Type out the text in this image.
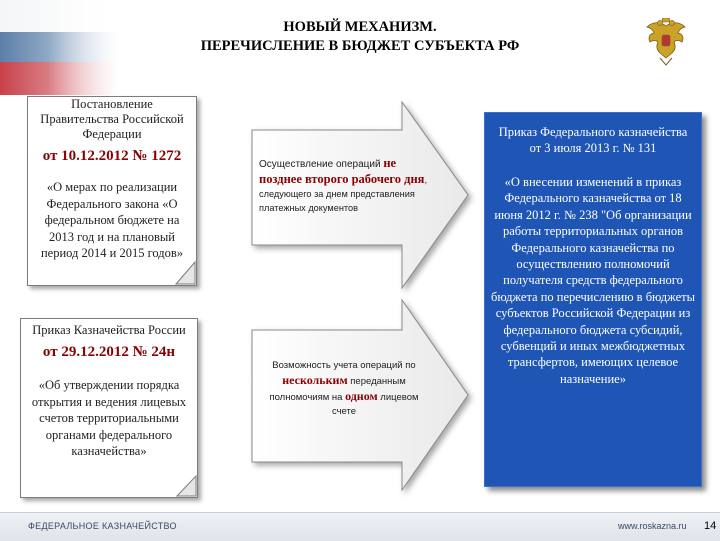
НОВЫЙ МЕХАНИЗМ.
ПЕРЕЧИСЛЕНИЕ В БЮДЖЕТ СУБЪЕКТА РФ
Постановление Правительства Российской Федерации
от 10.12.2012 № 1272
«О мерах по реализации Федерального закона «О федеральном бюджете на 2013 год и на плановый период 2014 и 2015 годов»
Приказ Казначейства России
от 29.12.2012 № 24н
«Об утверждении порядка открытия и ведения лицевых счетов территориальными органами федерального казначейства»
Осуществление операций не позднее второго рабочего дня, следующего за днем представления платежных документов
Возможность учета операций по нескольким переданным полномочиям на одном лицевом счете
Приказ Федерального казначейства от 3 июля 2013 г. № 131
«О внесении изменений в приказ Федерального казначейства от 18 июня 2012 г. № 238 "Об организации работы территориальных органов Федерального казначейства по осуществлению полномочий получателя средств федерального бюджета по перечислению в бюджеты субъектов Российской Федерации из федерального бюджета субсидий, субвенций и иных межбюджетных трансфертов, имеющих целевое назначение»
ФЕДЕРАЛЬНОЕ КАЗНАЧЕЙСТВО	www.roskazna.ru 14
